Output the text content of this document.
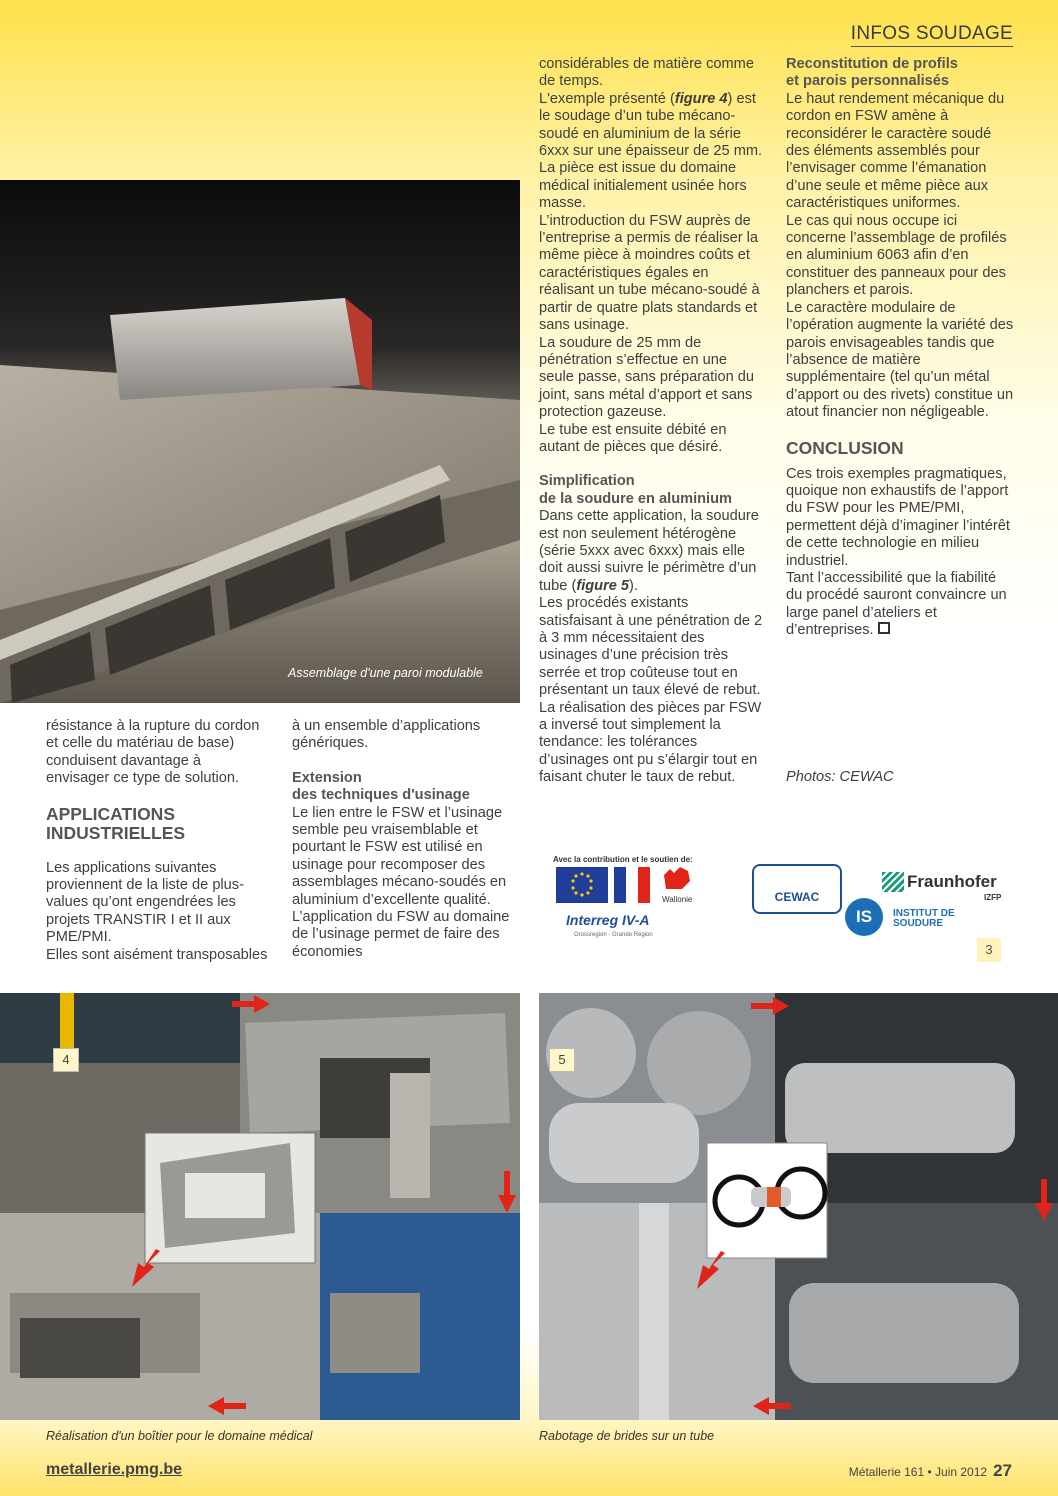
INFOS SOUDAGE
Assemblage d'une paroi modulable

résistance à la rupture du cordon et celle du matériau de base) conduisent davantage à envisager ce type de solution.

APPLICATIONS
INDUSTRIELLES

Les applications suivantes proviennent de la liste de plus-values qu’ont engendrées les projets TRANSTIR I et II aux PME/PMI.

Elles sont aisément transposables

à un ensemble d’applications génériques.

Extension
des techniques d'usinage

Le lien entre le FSW et l’usinage semble peu vraisemblable et pourtant le FSW est utilisé en usinage pour recomposer des assemblages mécano-soudés en aluminium d’excellente qualité.

L’application du FSW au domaine de l’usinage permet de faire des économies

considérables de matière comme de temps.

L'exemple présenté (figure 4) est le soudage d’un tube mécano-soudé en aluminium de la série 6xxx sur une épaisseur de 25 mm. La pièce est issue du domaine médical initialement usinée hors masse.

L’introduction du FSW auprès de l’entreprise a permis de réaliser la même pièce à moindres coûts et caractéristiques égales en réalisant un tube mécano-soudé à partir de quatre plats standards et sans usinage.

La soudure de 25 mm de pénétration s’effectue en une seule passe, sans préparation du joint, sans métal d’apport et sans protection gazeuse.

Le tube est ensuite débité en autant de pièces que désiré.

Simplification
de la soudure en aluminium

Dans cette application, la soudure est non seulement hétérogène (série 5xxx avec 6xxx) mais elle doit aussi suivre le périmètre d’un tube (figure 5).

Les procédés existants satisfaisant à une pénétration de 2 à 3 mm nécessitaient des usinages d’une précision très serrée et trop coûteuse tout en présentant un taux élevé de rebut.

La réalisation des pièces par FSW a inversé tout simplement la tendance: les tolérances d’usinages ont pu s’élargir tout en faisant chuter le taux de rebut.

Reconstitution de profils
et parois personnalisés

Le haut rendement mécanique du cordon en FSW amène à reconsidérer le caractère soudé des éléments assemblés pour l’envisager comme l’émanation d’une seule et même pièce aux caractéristiques uniformes.

Le cas qui nous occupe ici concerne l’assemblage de profilés en aluminium 6063 afin d’en constituer des panneaux pour des planchers et parois.

Le caractère modulaire de l’opération augmente la variété des parois envisageables tandis que l’absence de matière supplémentaire (tel qu’un métal d’apport ou des rivets) constitue un atout financier non négligeable.

CONCLUSION

Ces trois exemples pragmatiques, quoique non exhaustifs de l’apport du FSW pour les PME/PMI, permettent déjà d’imaginer l’intérêt de cette technologie en milieu industriel.

Tant l’accessibilité que la fiabilité du procédé sauront convaincre un large panel d’ateliers et d’entreprises.

Photos: CEWAC
Avec la contribution et le soutien de:
Wallonie
Interreg IV-A
Grossregion - Grande Région
CEWAC
Fraunhofer
IZFP
IS	INSTITUT DE
SOUDURE
3
4
Réalisation d'un boîtier pour le domaine médical
5
Rabotage de brides sur un tube
metallerie.pmg.be	Métallerie 161 • Juin 2012 27
